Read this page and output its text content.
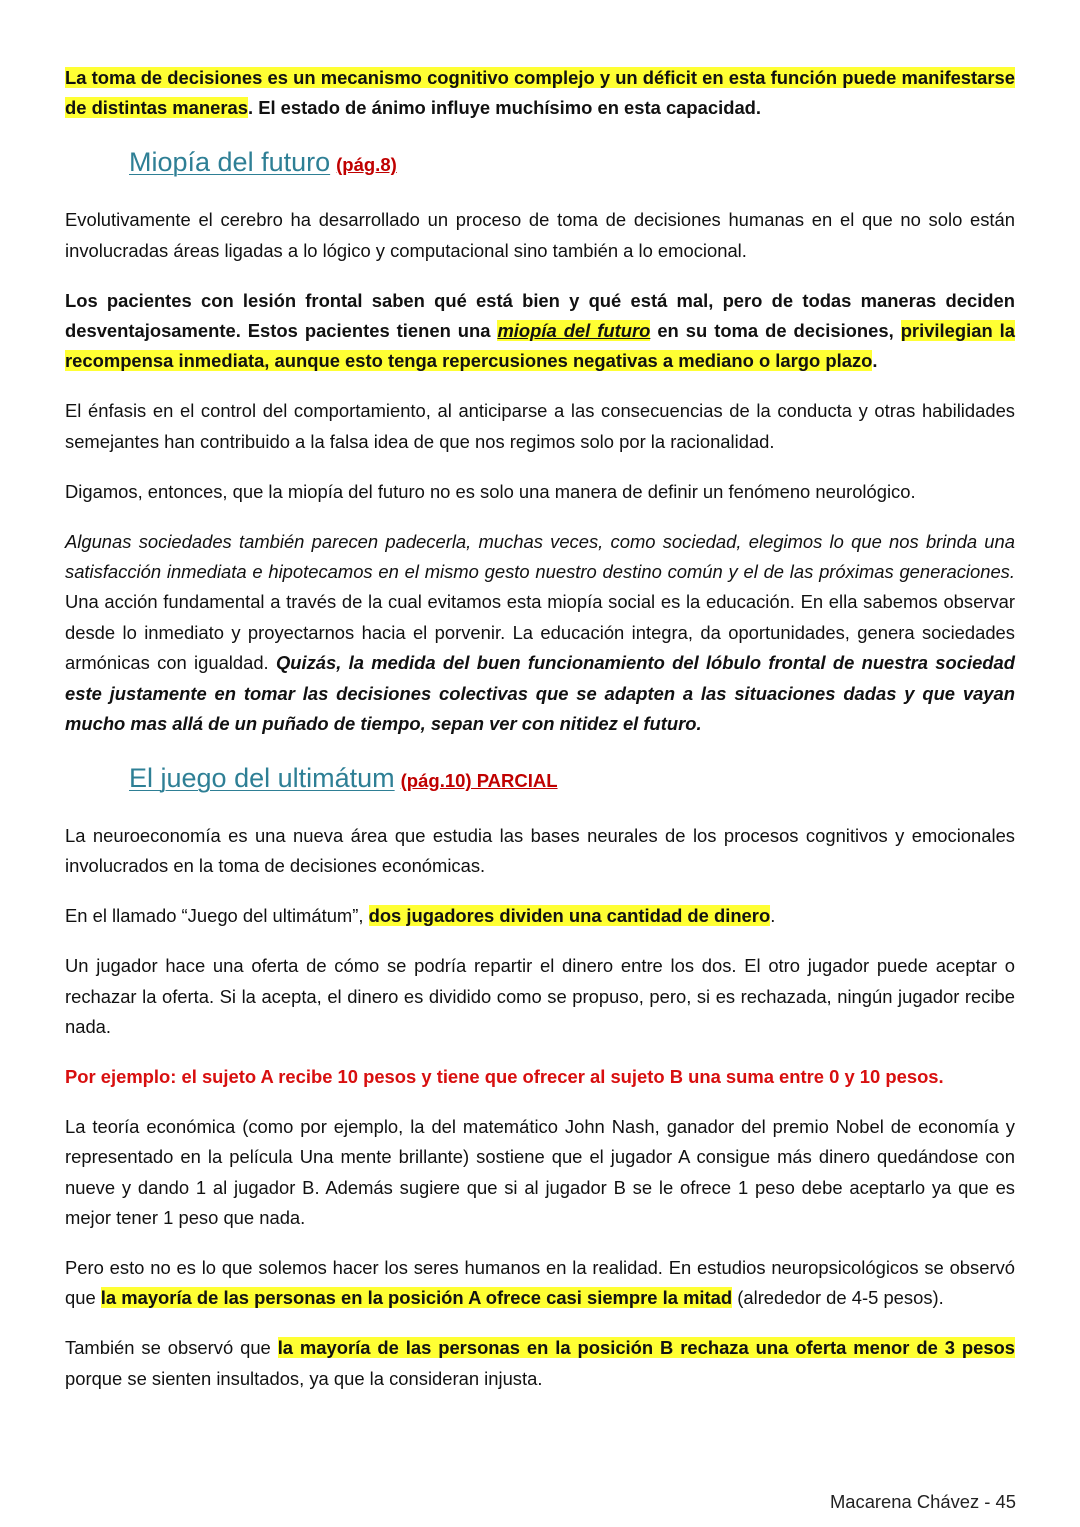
La toma de decisiones es un mecanismo cognitivo complejo y un déficit en esta función puede manifestarse de distintas maneras. El estado de ánimo influye muchísimo en esta capacidad.

Miopía del futuro (pág.8)

Evolutivamente el cerebro ha desarrollado un proceso de toma de decisiones humanas en el que no solo están involucradas áreas ligadas a lo lógico y computacional sino también a lo emocional.

Los pacientes con lesión frontal saben qué está bien y qué está mal, pero de todas maneras deciden desventajosamente. Estos pacientes tienen una miopía del futuro en su toma de decisiones, privilegian la recompensa inmediata, aunque esto tenga repercusiones negativas a mediano o largo plazo.

El énfasis en el control del comportamiento, al anticiparse a las consecuencias de la conducta y otras habilidades semejantes han contribuido a la falsa idea de que nos regimos solo por la racionalidad.

Digamos, entonces, que la miopía del futuro no es solo una manera de definir un fenómeno neurológico.

Algunas sociedades también parecen padecerla, muchas veces, como sociedad, elegimos lo que nos brinda una satisfacción inmediata e hipotecamos en el mismo gesto nuestro destino común y el de las próximas generaciones. Una acción fundamental a través de la cual evitamos esta miopía social es la educación. En ella sabemos observar desde lo inmediato y proyectarnos hacia el porvenir. La educación integra, da oportunidades, genera sociedades armónicas con igualdad. Quizás, la medida del buen funcionamiento del lóbulo frontal de nuestra sociedad este justamente en tomar las decisiones colectivas que se adapten a las situaciones dadas y que vayan mucho mas allá de un puñado de tiempo, sepan ver con nitidez el futuro.

El juego del ultimátum (pág.10) PARCIAL

La neuroeconomía es una nueva área que estudia las bases neurales de los procesos cognitivos y emocionales involucrados en la toma de decisiones económicas.

En el llamado “Juego del ultimátum”, dos jugadores dividen una cantidad de dinero.

Un jugador hace una oferta de cómo se podría repartir el dinero entre los dos. El otro jugador puede aceptar o rechazar la oferta. Si la acepta, el dinero es dividido como se propuso, pero, si es rechazada, ningún jugador recibe nada.

Por ejemplo: el sujeto A recibe 10 pesos y tiene que ofrecer al sujeto B una suma entre 0 y 10 pesos.

La teoría económica (como por ejemplo, la del matemático John Nash, ganador del premio Nobel de economía y representado en la película Una mente brillante) sostiene que el jugador A consigue más dinero quedándose con nueve y dando 1 al jugador B. Además sugiere que si al jugador B se le ofrece 1 peso debe aceptarlo ya que es mejor tener 1 peso que nada.

Pero esto no es lo que solemos hacer los seres humanos en la realidad. En estudios neuropsicológicos se observó que la mayoría de las personas en la posición A ofrece casi siempre la mitad (alrededor de 4-5 pesos).

También se observó que la mayoría de las personas en la posición B rechaza una oferta menor de 3 pesos porque se sienten insultados, ya que la consideran injusta.

Macarena Chávez - 45
